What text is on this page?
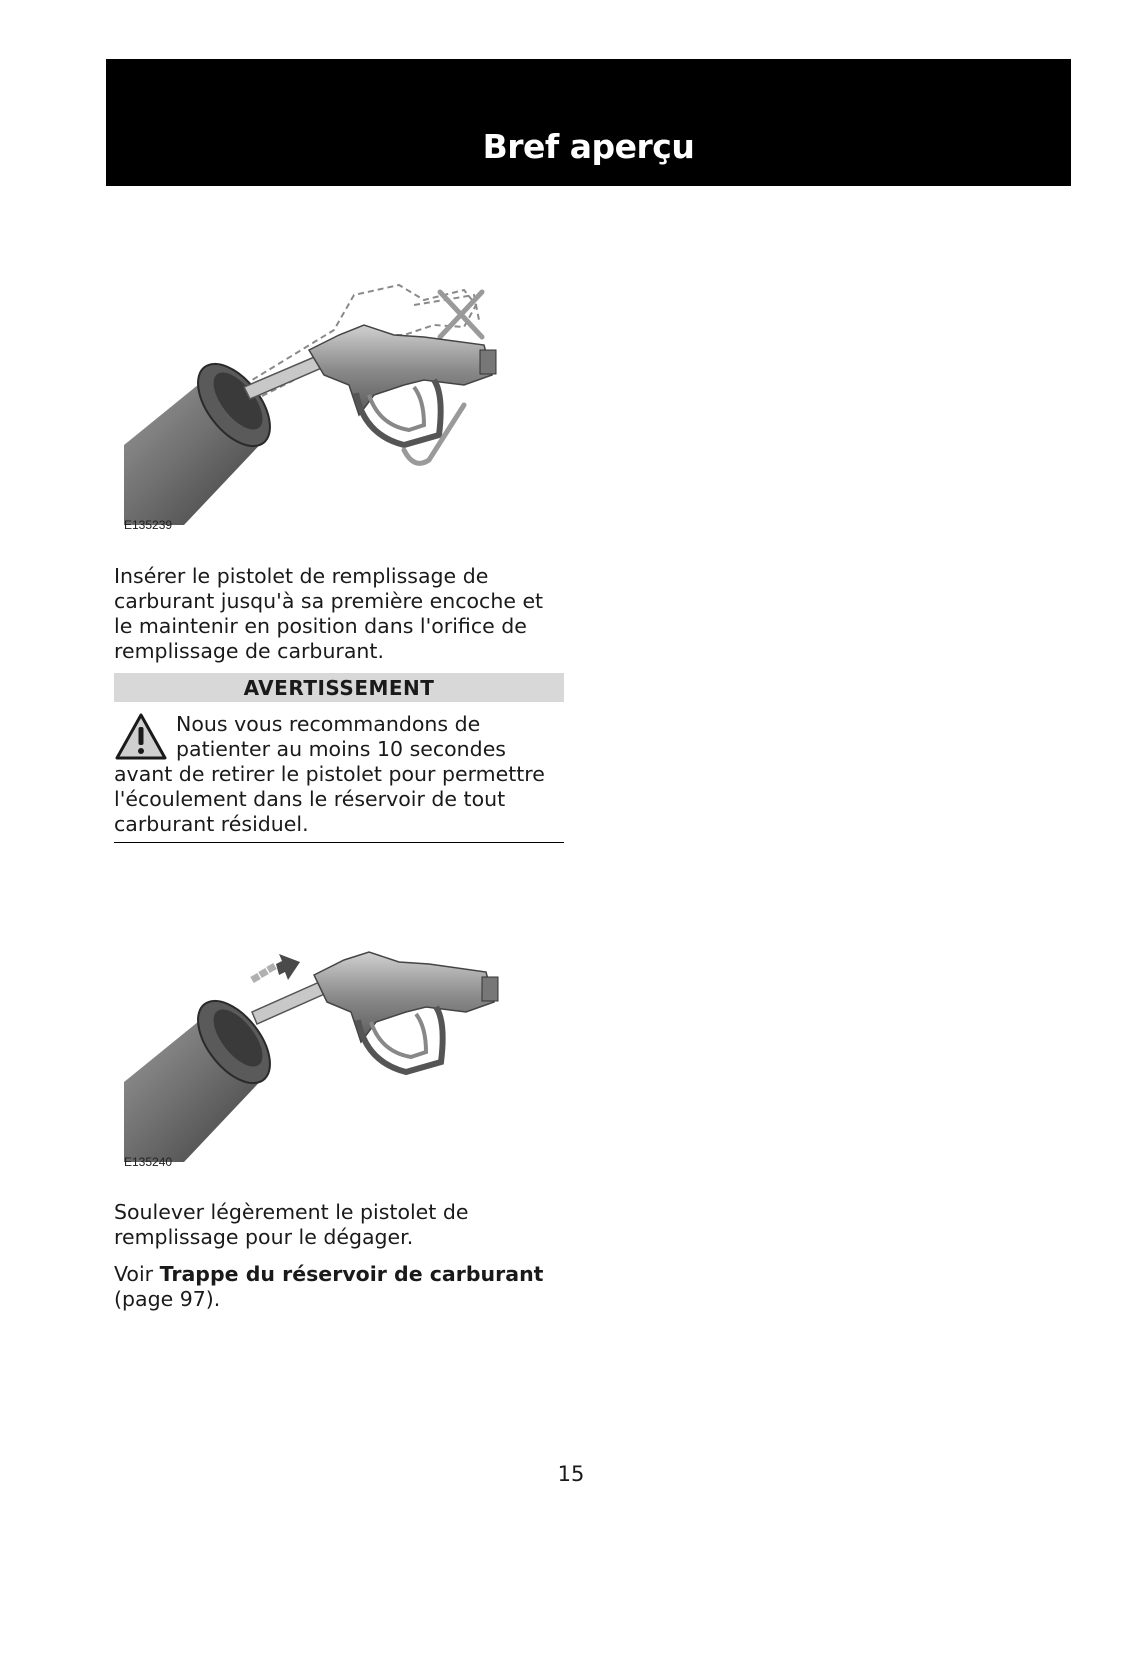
Bref aperçu
E135239
Insérer le pistolet de remplissage de carburant jusqu'à sa première encoche et le maintenir en position dans l'orifice de remplissage de carburant.
AVERTISSEMENT
Nous vous recommandons de patienter au moins 10 secondes avant de retirer le pistolet pour permettre l'écoulement dans le réservoir de tout carburant résiduel.
E135240
Soulever légèrement le pistolet de remplissage pour le dégager.
Voir Trappe du réservoir de carburant (page 97).
15
